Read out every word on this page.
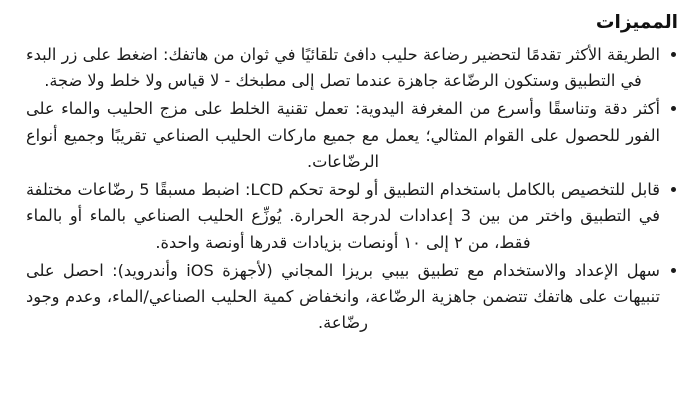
المميزات
الطريقة الأكثر تقدمًا لتحضير رضاعة حليب دافئ تلقائيًا في ثوان من هاتفك: اضغط على زر البدء في التطبيق وستكون الرضّاعة جاهزة عندما تصل إلى مطبخك - لا قياس ولا خلط ولا ضجة.
أكثر دقة وتناسقًا وأسرع من المغرفة اليدوية: تعمل تقنية الخلط على مزج الحليب والماء على الفور للحصول على القوام المثالي؛ يعمل مع جميع ماركات الحليب الصناعي تقريبًا وجميع أنواع الرضّاعات.
قابل للتخصيص بالكامل باستخدام التطبيق أو لوحة تحكم LCD: اضبط مسبقًا 5 رضّاعات مختلفة في التطبيق واختر من بين 3 إعدادات لدرجة الحرارة. يُوزِّع الحليب الصناعي بالماء أو بالماء فقط، من ٢ إلى ١٠ أونصات بزيادات قدرها أونصة واحدة.
سهل الإعداد والاستخدام مع تطبيق بيبي بريزا المجاني (لأجهزة iOS وأندرويد): احصل على تنبيهات على هاتفك تتضمن جاهزية الرضّاعة، وانخفاض كمية الحليب الصناعي/الماء، وعدم وجود رضّاعة.
